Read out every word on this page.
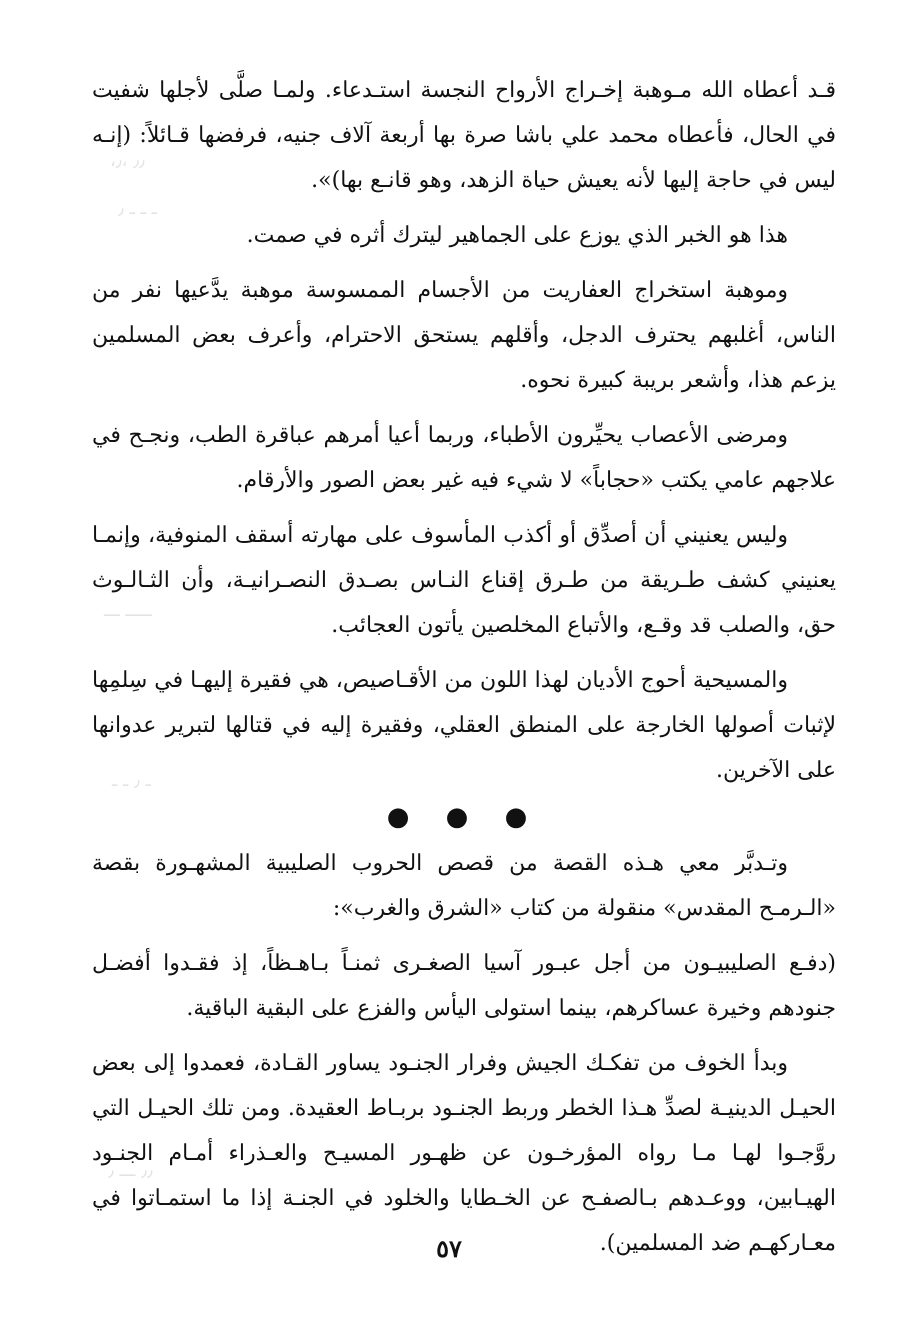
٫٫ ،٫،
ـ ـ ـ ٫
ـــــ ـــ
ـ ٫ ـ ـ
٫٫ ـــ ٫

قـد أعطاه الله مـوهبة إخـراج الأرواح النجسة استـدعاء. ولمـا صلَّى لأجلها شفيت في الحال، فأعطاه محمد علي باشا صرة بها أربعة آلاف جنيه، فرفضها قـائلاً: (إنـه ليس في حاجة إليها لأنه يعيش حياة الزهد، وهو قانـع بها)».

هذا هو الخبر الذي يوزع على الجماهير ليترك أثره في صمت.

وموهبة استخراج العفاريت من الأجسام الممسوسة موهبة يدَّعيها نفر من الناس، أغلبهم يحترف الدجل، وأقلهم يستحق الاحترام، وأعرف بعض المسلمين يزعم هذا، وأشعر بريبة كبيرة نحوه.

ومرضى الأعصاب يحيِّرون الأطباء، وربما أعيا أمرهم عباقرة الطب، ونجـح في علاجهم عامي يكتب «حجاباً» لا شيء فيه غير بعض الصور والأرقام.

وليس يعنيني أن أصدِّق أو أكذب المأسوف على مهارته أسقف المنوفية، وإنمـا يعنيني كشف طـريقة من طـرق إقناع النـاس بصـدق النصـرانيـة، وأن الثـالـوث حق، والصلب قد وقـع، والأتباع المخلصين يأتون العجائب.

والمسيحية أحوج الأديان لهذا اللون من الأقـاصيص، هي فقيرة إليهـا في سِلمِها لإثبات أصولها الخارجة على المنطق العقلي، وفقيرة إليه في قتالها لتبرير عدوانها على الآخرين.

● ● ●

وتـدبَّر معي هـذه القصة من قصص الحروب الصليبية المشهـورة بقصة «الـرمـح المقدس» منقولة من كتاب «الشرق والغرب»:

(دفـع الصليبيـون من أجل عبـور آسيا الصغـرى ثمنـاً بـاهـظاً، إذ فقـدوا أفضـل جنودهم وخيرة عساكرهم، بينما استولى اليأس والفزع على البقية الباقية.

وبدأ الخوف من تفكـك الجيش وفرار الجنـود يساور القـادة، فعمدوا إلى بعض الحيـل الدينيـة لصدِّ هـذا الخطر وربط الجنـود بربـاط العقيدة. ومن تلك الحيـل التي روَّجـوا لهـا مـا رواه المؤرخـون عن ظهـور المسيـح والعـذراء أمـام الجنـود الهيـابين، ووعـدهم بـالصفـح عن الخـطايا والخلود في الجنـة إذا ما استمـاتوا في معـاركهـم ضد المسلمين).

٥٧
